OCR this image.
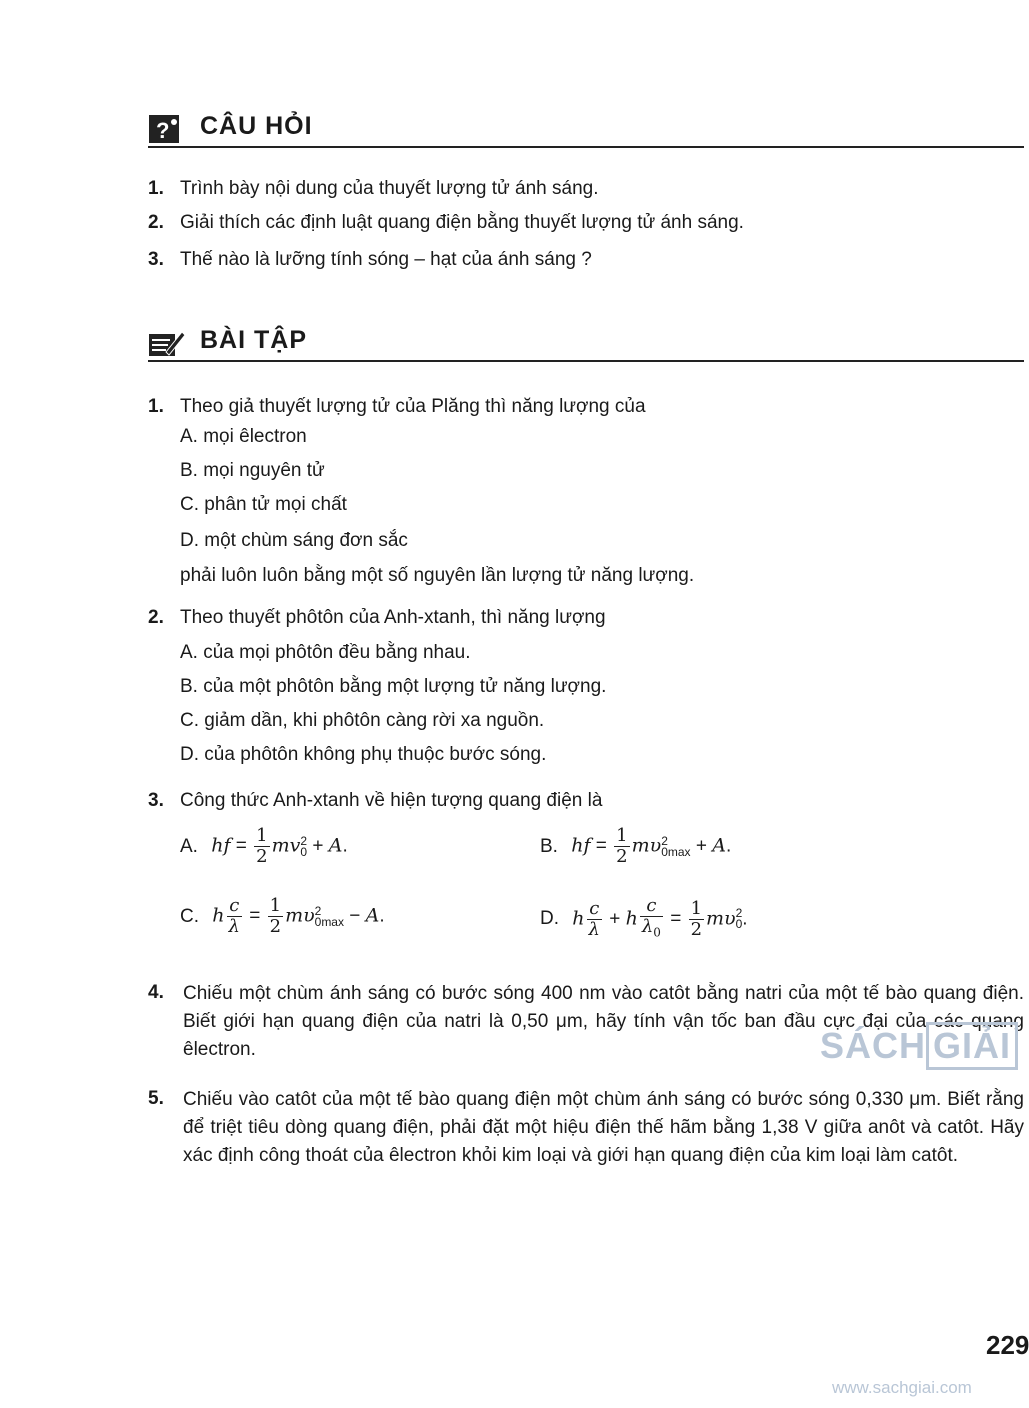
? CÂU HỎI
1. Trình bày nội dung của thuyết lượng tử ánh sáng.
2. Giải thích các định luật quang điện bằng thuyết lượng tử ánh sáng.
3. Thế nào là lưỡng tính sóng – hạt của ánh sáng ?
BÀI TẬP
1. Theo giả thuyết lượng tử của Plăng thì năng lượng của
A. mọi êlectron
B. mọi nguyên tử
C. phân tử mọi chất
D. một chùm sáng đơn sắc
phải luôn luôn bằng một số nguyên lần lượng tử năng lượng.
2. Theo thuyết phôtôn của Anh-xtanh, thì năng lượng
A. của mọi phôtôn đều bằng nhau.
B. của một phôtôn bằng một lượng tử năng lượng.
C. giảm dần, khi phôtôn càng rời xa nguồn.
D. của phôtôn không phụ thuộc bước sóng.
3. Công thức Anh-xtanh về hiện tượng quang điện là
A. hf = $\frac{1}{2} mv2$
0 + A.	B. hf = $\frac{1}{2} m\upsilon 2$
0max + A.
C. h $\frac{c}{\lambda} = \frac{1}{2} m\upsilon 2$
0max − A.	D. h $\frac{c}{\lambda} + h \frac{c}{\lambda_0} = \frac{1}{2} m\upsilon 2$
0.
4. Chiếu một chùm ánh sáng có bước sóng 400 nm vào catôt bằng natri của một tế bào quang điện. Biết giới hạn quang điện của natri là 0,50 μm, hãy tính vận tốc ban đầu cực đại của các quang êlectron.
5. Chiếu vào catôt của một tế bào quang điện một chùm ánh sáng có bước sóng 0,330 μm. Biết rằng để triệt tiêu dòng quang điện, phải đặt một hiệu điện thế hãm bằng 1,38 V giữa anôt và catôt. Hãy xác định công thoát của êlectron khỏi kim loại và giới hạn quang điện của kim loại làm catôt.
SÁCH GIẢI
229
www.sachgiai.com
